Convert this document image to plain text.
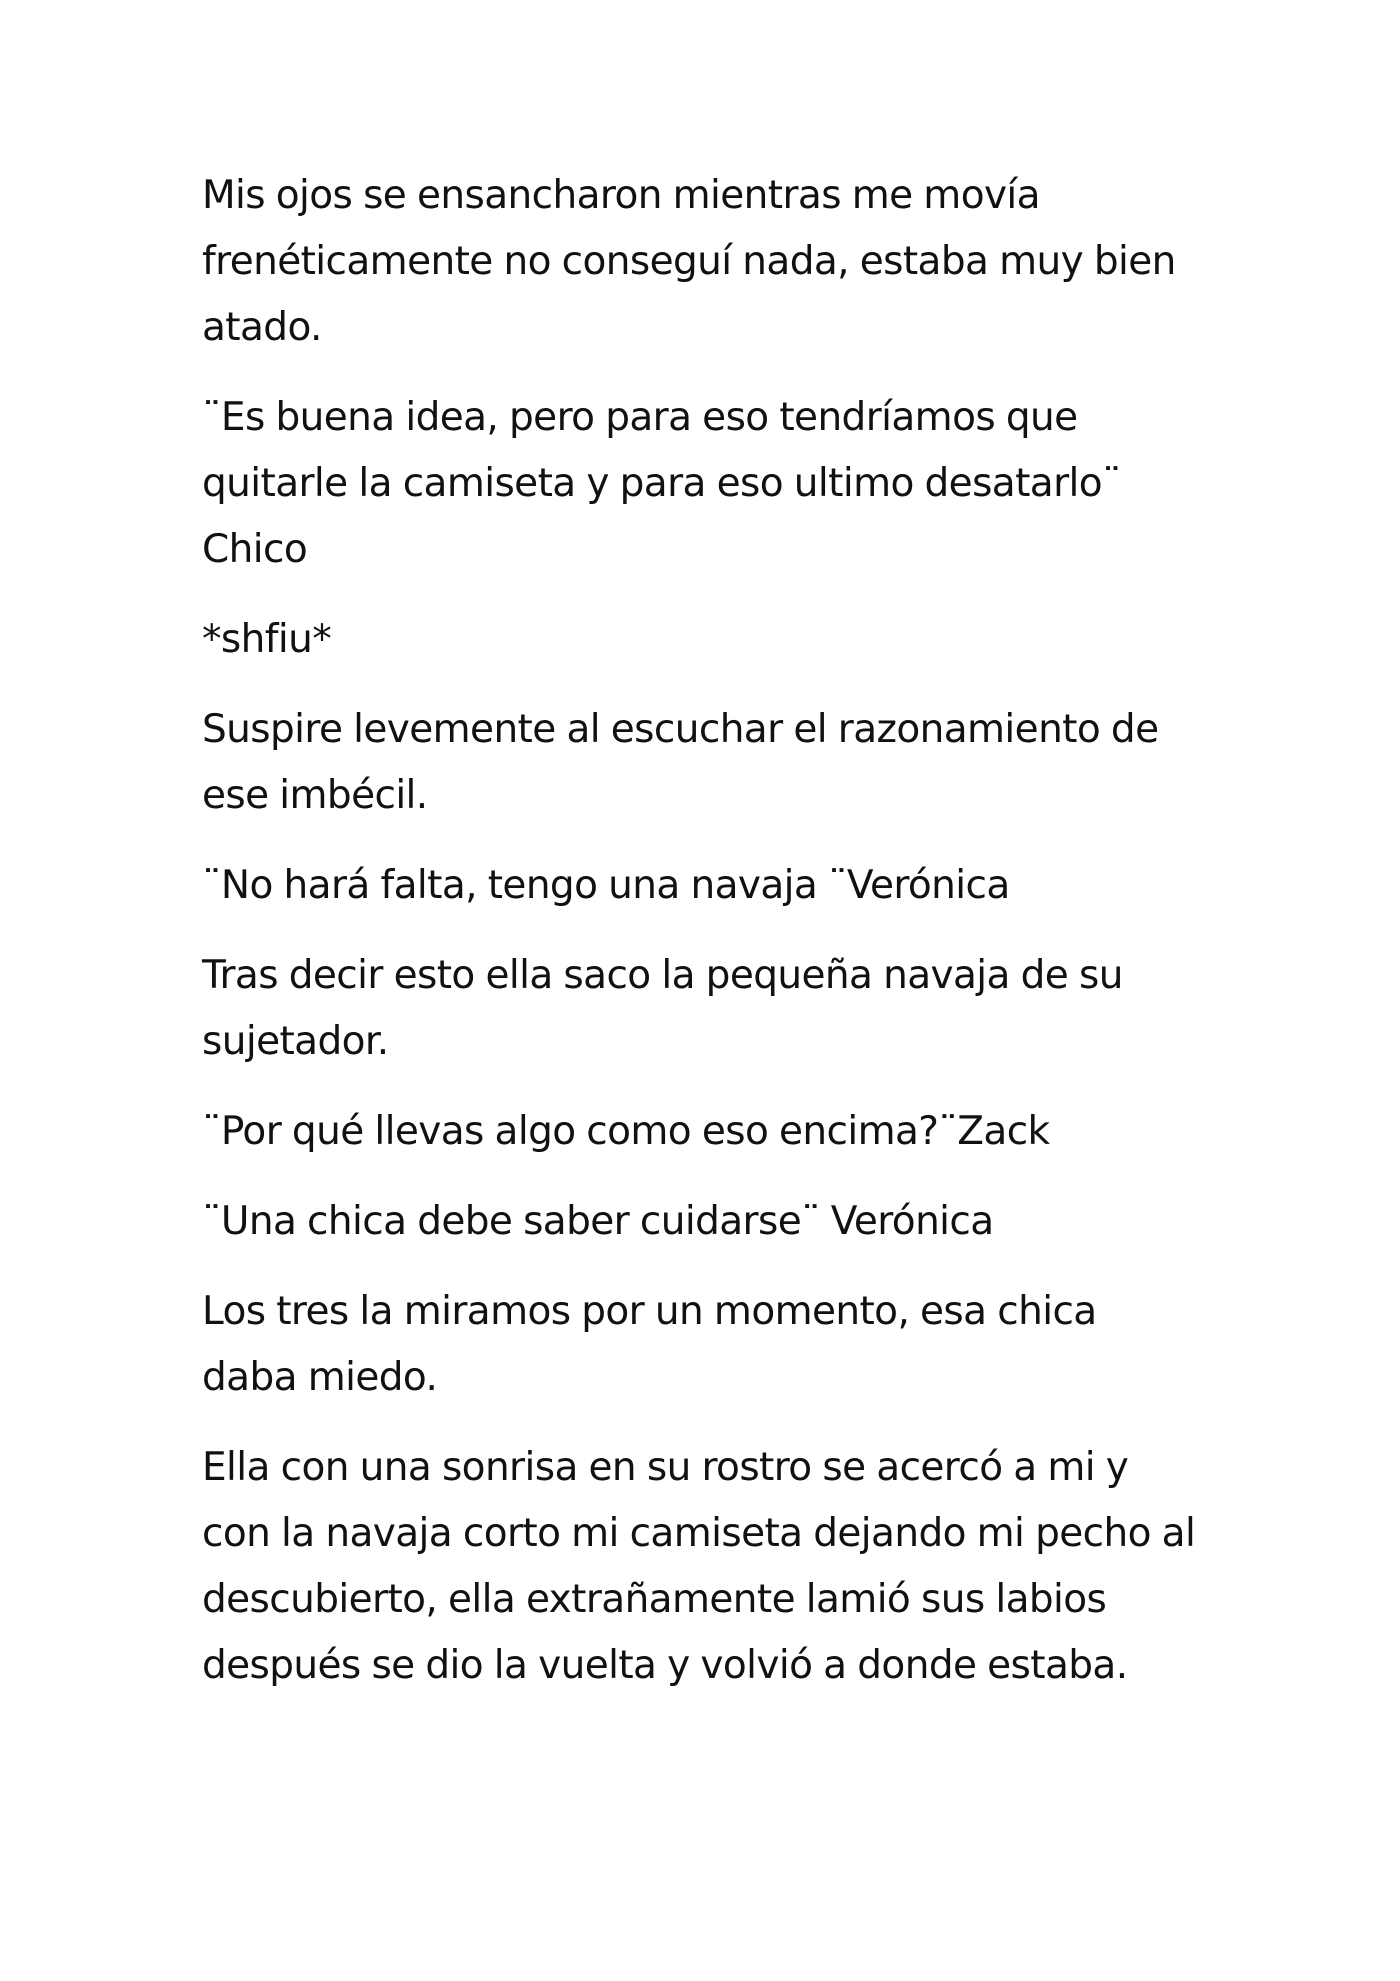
Mis ojos se ensancharon mientras me movía
frenéticamente no conseguí nada, estaba muy bien
atado.

¨Es buena idea, pero para eso tendríamos que
quitarle la camiseta y para eso ultimo desatarlo¨
Chico

*shfiu*

Suspire levemente al escuchar el razonamiento de
ese imbécil.

¨No hará falta, tengo una navaja ¨Verónica

Tras decir esto ella saco la pequeña navaja de su
sujetador.

¨Por qué llevas algo como eso encima?¨Zack

¨Una chica debe saber cuidarse¨ Verónica

Los tres la miramos por un momento, esa chica
daba miedo.

Ella con una sonrisa en su rostro se acercó a mi y
con la navaja corto mi camiseta dejando mi pecho al
descubierto, ella extrañamente lamió sus labios
después se dio la vuelta y volvió a donde estaba.
